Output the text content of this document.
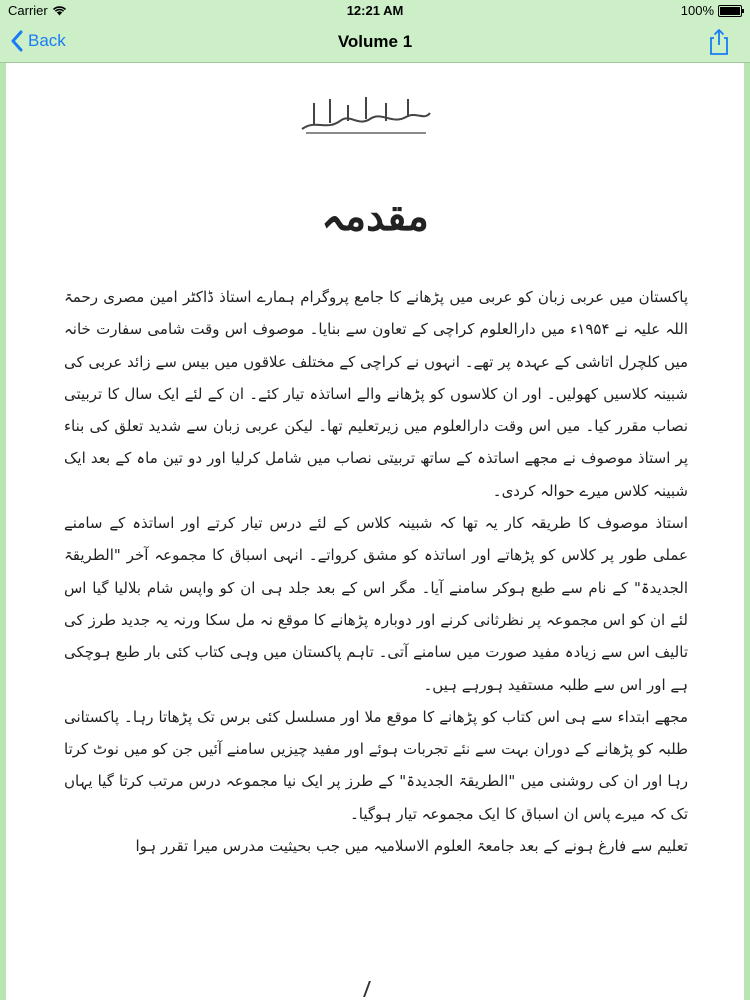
Carrier	12:21 AM	100%
Back	Volume 1
مقدمہ

پاکستان میں عربی زبان کو عربی میں پڑھانے کا جامع پروگرام ہمارے استاذ ڈاکٹر امین مصری رحمۃ اللہ علیہ نے ۱۹۵۴ء میں دارالعلوم کراچی کے تعاون سے بنایا۔ موصوف اس وقت شامی سفارت خانہ میں کلچرل اتاشی کے عہدہ پر تھے۔ انہوں نے کراچی کے مختلف علاقوں میں بیس سے زائد عربی کی شبینہ کلاسیں کھولیں۔ اور ان کلاسوں کو پڑھانے والے اساتذہ تیار کئے۔ ان کے لئے ایک سال کا تربیتی نصاب مقرر کیا۔ میں اس وقت دارالعلوم میں زیرتعلیم تھا۔ لیکن عربی زبان سے شدید تعلق کی بناء پر استاذ موصوف نے مجھے اساتذہ کے ساتھ تربیتی نصاب میں شامل کرلیا اور دو تین ماہ کے بعد ایک شبینہ کلاس میرے حوالہ کردی۔

استاذ موصوف کا طریقہ کار یہ تھا کہ شبینہ کلاس کے لئے درس تیار کرتے اور اساتذہ کے سامنے عملی طور پر کلاس کو پڑھاتے اور اساتذہ کو مشق کرواتے۔ انہی اسباق کا مجموعہ آخر "الطریقۃ الجدیدۃ" کے نام سے طبع ہوکر سامنے آیا۔ مگر اس کے بعد جلد ہی ان کو واپس شام بلالیا گیا اس لئے ان کو اس مجموعہ پر نظرثانی کرنے اور دوبارہ پڑھانے کا موقع نہ مل سکا ورنہ یہ جدید طرز کی تالیف اس سے زیادہ مفید صورت میں سامنے آتی۔ تاہم پاکستان میں وہی کتاب کئی بار طبع ہوچکی ہے اور اس سے طلبہ مستفید ہورہے ہیں۔

مجھے ابتداء سے ہی اس کتاب کو پڑھانے کا موقع ملا اور مسلسل کئی برس تک پڑھاتا رہا۔ پاکستانی طلبہ کو پڑھانے کے دوران بہت سے نئے تجربات ہوئے اور مفید چیزیں سامنے آئیں جن کو میں نوٹ کرتا رہا اور ان کی روشنی میں "الطریقۃ الجدیدۃ" کے طرز پر ایک نیا مجموعہ درس مرتب کرتا گیا یہاں تک کہ میرے پاس ان اسباق کا ایک مجموعہ تیار ہوگیا۔

تعلیم سے فارغ ہونے کے بعد جامعۃ العلوم الاسلامیہ میں جب بحیثیت مدرس میرا تقرر ہوا
